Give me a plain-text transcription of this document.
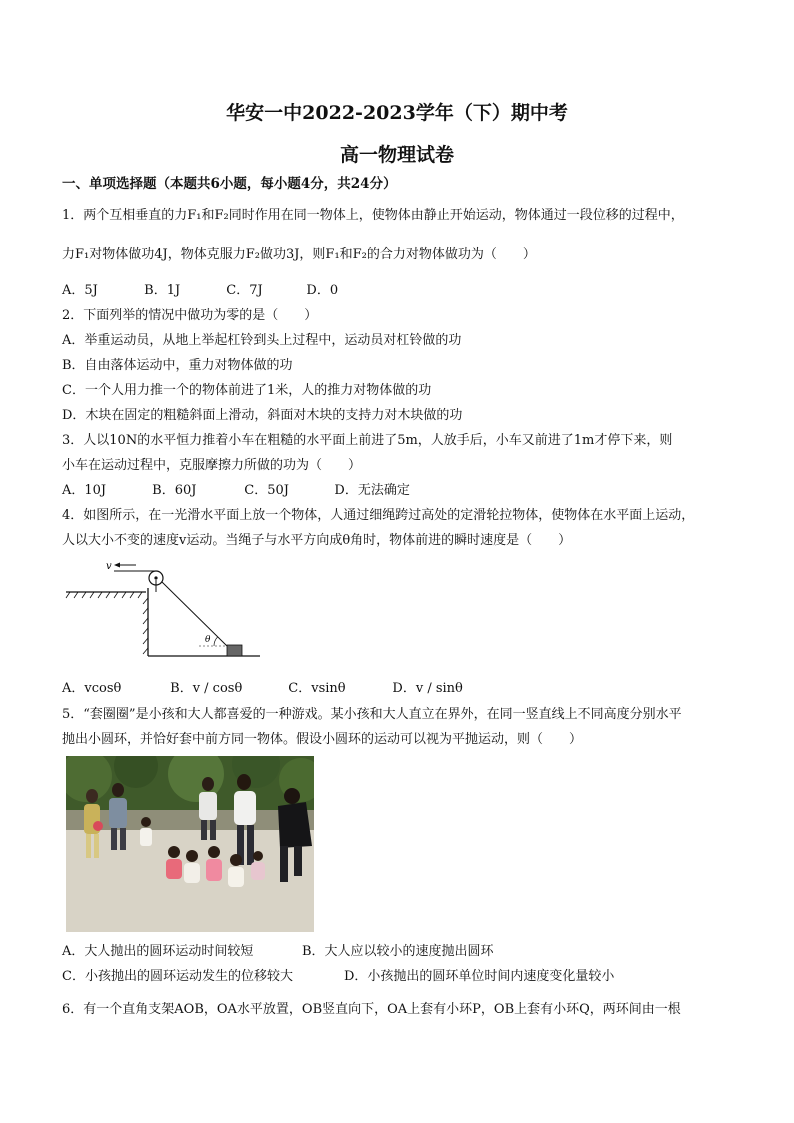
华安一中2022-2023学年（下）期中考
高一物理试卷
一、单项选择题（本题共6小题，每小题4分，共24分）
1．两个互相垂直的力F₁和F₂同时作用在同一物体上，使物体由静止开始运动，物体通过一段位移的过程中，
力F₁对物体做功4J，物体克服力F₂做功3J，则F₁和F₂的合力对物体做功为（　　）
A．5J	B．1J	C．7J	D．0
2．下面列举的情况中做功为零的是（　　）
A．举重运动员，从地上举起杠铃到头上过程中，运动员对杠铃做的功
B．自由落体运动中，重力对物体做的功
C．一个人用力推一个的物体前进了1米，人的推力对物体做的功
D．木块在固定的粗糙斜面上滑动，斜面对木块的支持力对木块做的功
3．人以10N的水平恒力推着小车在粗糙的水平面上前进了5m，人放手后，小车又前进了1m才停下来，则
小车在运动过程中，克服摩擦力所做的功为（　　）
A．10J	B．60J	C．50J	D．无法确定
4．如图所示，在一光滑水平面上放一个物体，人通过细绳跨过高处的定滑轮拉物体，使物体在水平面上运动，
人以大小不变的速度v运动。当绳子与水平方向成θ角时，物体前进的瞬时速度是（　　）
v
θ
A．vcosθ	B．v / cosθ	C．vsinθ	D．v / sinθ
5．“套圈圈”是小孩和大人都喜爱的一种游戏。某小孩和大人直立在界外，在同一竖直线上不同高度分别水平
抛出小圆环，并恰好套中前方同一物体。假设小圆环的运动可以视为平抛运动，则（　　）
A．大人抛出的圆环运动时间较短	B．大人应以较小的速度抛出圆环
C．小孩抛出的圆环运动发生的位移较大	D．小孩抛出的圆环单位时间内速度变化量较小
6．有一个直角支架AOB，OA水平放置，OB竖直向下，OA上套有小环P，OB上套有小环Q，两环间由一根
